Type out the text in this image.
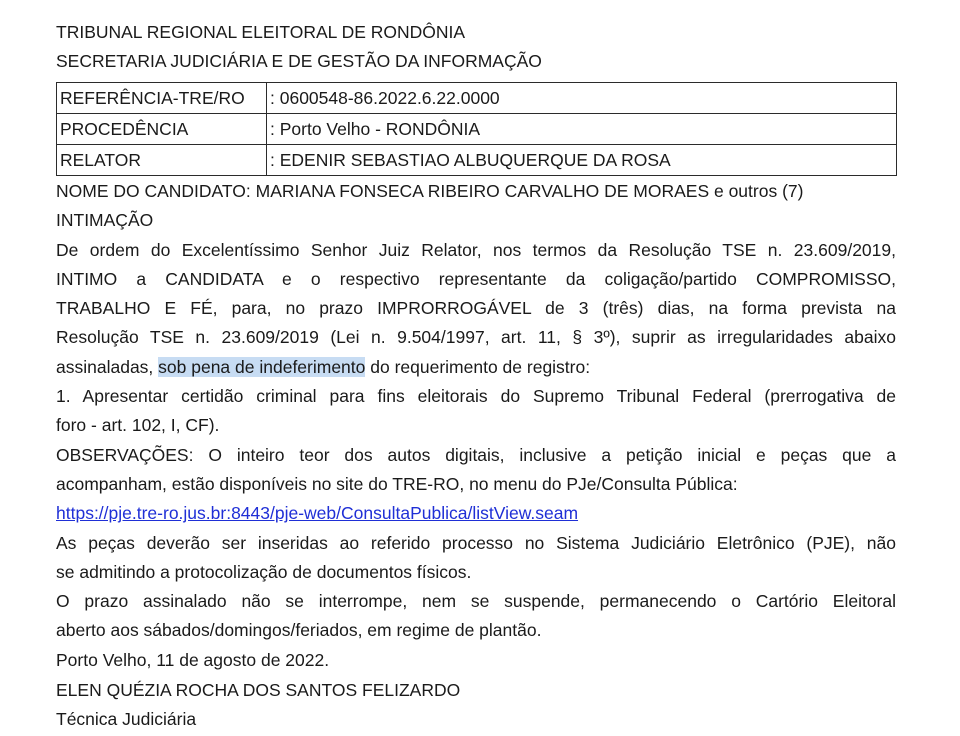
TRIBUNAL REGIONAL ELEITORAL DE RONDÔNIA
SECRETARIA JUDICIÁRIA E DE GESTÃO DA INFORMAÇÃO
REFERÊNCIA-TRE/RO	: 0600548-86.2022.6.22.0000
PROCEDÊNCIA	: Porto Velho - RONDÔNIA
RELATOR	: EDENIR SEBASTIAO ALBUQUERQUE DA ROSA
NOME DO CANDIDATO: MARIANA FONSECA RIBEIRO CARVALHO DE MORAES e outros (7)
INTIMAÇÃO
De ordem do Excelentíssimo Senhor Juiz Relator, nos termos da Resolução TSE n. 23.609/2019,
INTIMO a CANDIDATA e o respectivo representante da coligação/partido COMPROMISSO,
TRABALHO E FÉ, para, no prazo IMPRORROGÁVEL de 3 (três) dias, na forma prevista na
Resolução TSE n. 23.609/2019 (Lei n. 9.504/1997, art. 11, § 3º), suprir as irregularidades abaixo
assinaladas, sob pena de indeferimento do requerimento de registro:
1. Apresentar certidão criminal para fins eleitorais do Supremo Tribunal Federal (prerrogativa de
foro - art. 102, I, CF).
OBSERVAÇÕES: O inteiro teor dos autos digitais, inclusive a petição inicial e peças que a
acompanham, estão disponíveis no site do TRE-RO, no menu do PJe/Consulta Pública:
https://pje.tre-ro.jus.br:8443/pje-web/ConsultaPublica/listView.seam
As peças deverão ser inseridas ao referido processo no Sistema Judiciário Eletrônico (PJE), não
se admitindo a protocolização de documentos físicos.
O prazo assinalado não se interrompe, nem se suspende, permanecendo o Cartório Eleitoral
aberto aos sábados/domingos/feriados, em regime de plantão.
Porto Velho, 11 de agosto de 2022.
ELEN QUÉZIA ROCHA DOS SANTOS FELIZARDO
Técnica Judiciária
